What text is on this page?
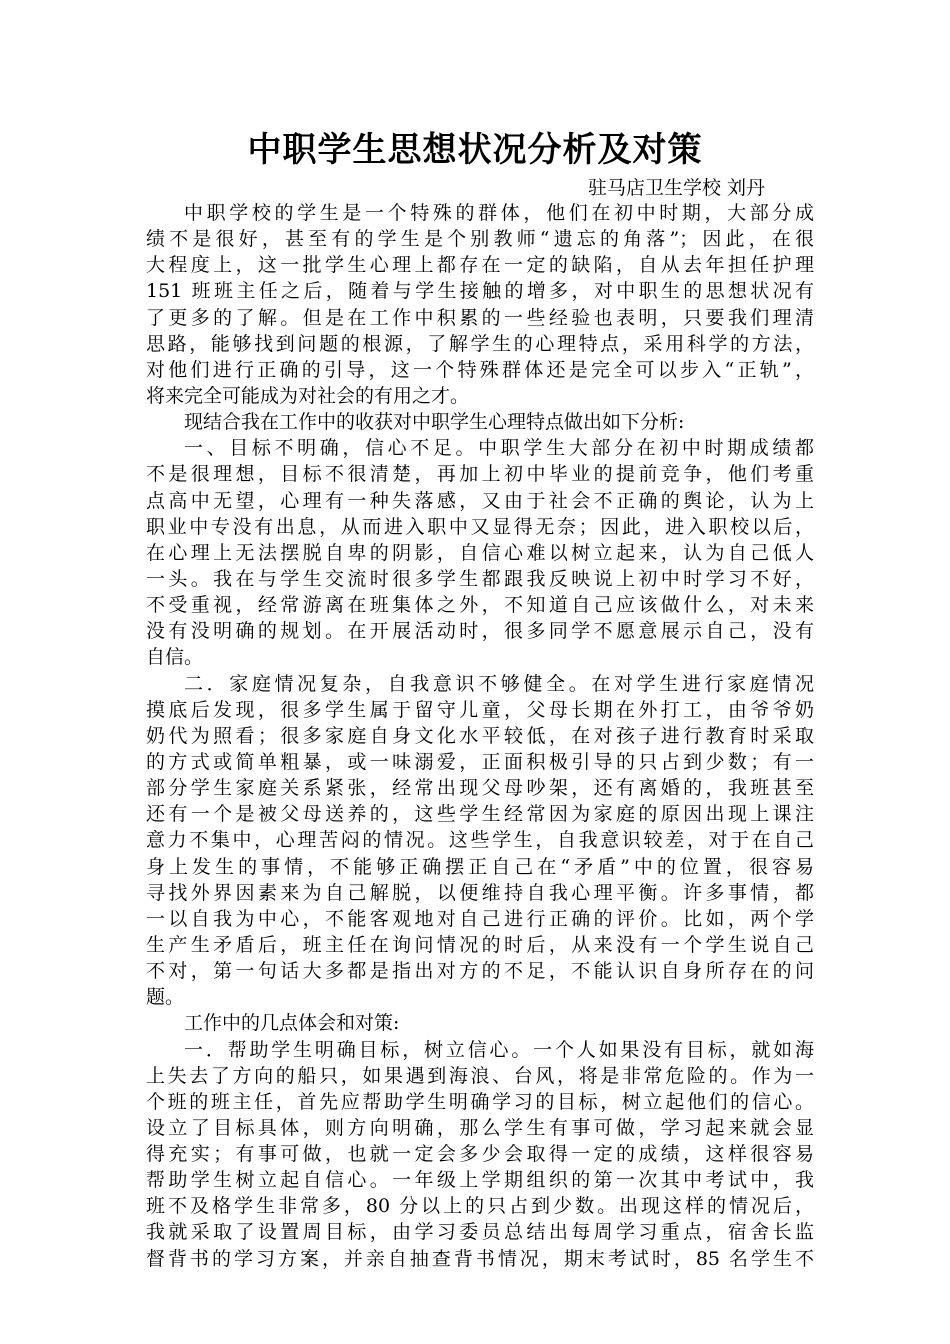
中职学生思想状况分析及对策
驻马店卫生学校 刘丹
中职学校的学生是一个特殊的群体，他们在初中时期，大部分成
绩不是很好，甚至有的学生是个别教师“遗忘的角落”；因此，在很
大程度上，这一批学生心理上都存在一定的缺陷，自从去年担任护理
151 班班主任之后，随着与学生接触的增多，对中职生的思想状况有
了更多的了解。但是在工作中积累的一些经验也表明，只要我们理清
思路，能够找到问题的根源，了解学生的心理特点，采用科学的方法，
对他们进行正确的引导，这一个特殊群体还是完全可以步入“正轨”，
将来完全可能成为对社会的有用之才。
现结合我在工作中的收获对中职学生心理特点做出如下分析:
一、目标不明确，信心不足。中职学生大部分在初中时期成绩都
不是很理想，目标不很清楚，再加上初中毕业的提前竞争，他们考重
点高中无望，心理有一种失落感，又由于社会不正确的舆论，认为上
职业中专没有出息，从而进入职中又显得无奈；因此，进入职校以后，
在心理上无法摆脱自卑的阴影，自信心难以树立起来，认为自己低人
一头。我在与学生交流时很多学生都跟我反映说上初中时学习不好，
不受重视，经常游离在班集体之外，不知道自己应该做什么，对未来
没有没明确的规划。在开展活动时，很多同学不愿意展示自己，没有
自信。
二．家庭情况复杂，自我意识不够健全。在对学生进行家庭情况
摸底后发现，很多学生属于留守儿童，父母长期在外打工，由爷爷奶
奶代为照看；很多家庭自身文化水平较低，在对孩子进行教育时采取
的方式或简单粗暴，或一味溺爱，正面积极引导的只占到少数；有一
部分学生家庭关系紧张，经常出现父母吵架，还有离婚的，我班甚至
还有一个是被父母送养的，这些学生经常因为家庭的原因出现上课注
意力不集中，心理苦闷的情况。这些学生，自我意识较差，对于在自己
身上发生的事情，不能够正确摆正自己在“矛盾”中的位置，很容易
寻找外界因素来为自己解脱，以便维持自我心理平衡。许多事情，都
一以自我为中心，不能客观地对自己进行正确的评价。比如，两个学
生产生矛盾后，班主任在询问情况的时后，从来没有一个学生说自己
不对，第一句话大多都是指出对方的不足，不能认识自身所存在的问
题。
工作中的几点体会和对策:
一．帮助学生明确目标，树立信心。一个人如果没有目标，就如海
上失去了方向的船只，如果遇到海浪、台风，将是非常危险的。作为一
个班的班主任，首先应帮助学生明确学习的目标，树立起他们的信心。
设立了目标具体，则方向明确，那么学生有事可做，学习起来就会显
得充实；有事可做，也就一定会多少会取得一定的成绩，这样很容易
帮助学生树立起自信心。一年级上学期组织的第一次其中考试中，我
班不及格学生非常多，80 分以上的只占到少数。出现这样的情况后，
我就采取了设置周目标，由学习委员总结出每周学习重点，宿舍长监
督背书的学习方案，并亲自抽查背书情况，期末考试时，85 名学生不
